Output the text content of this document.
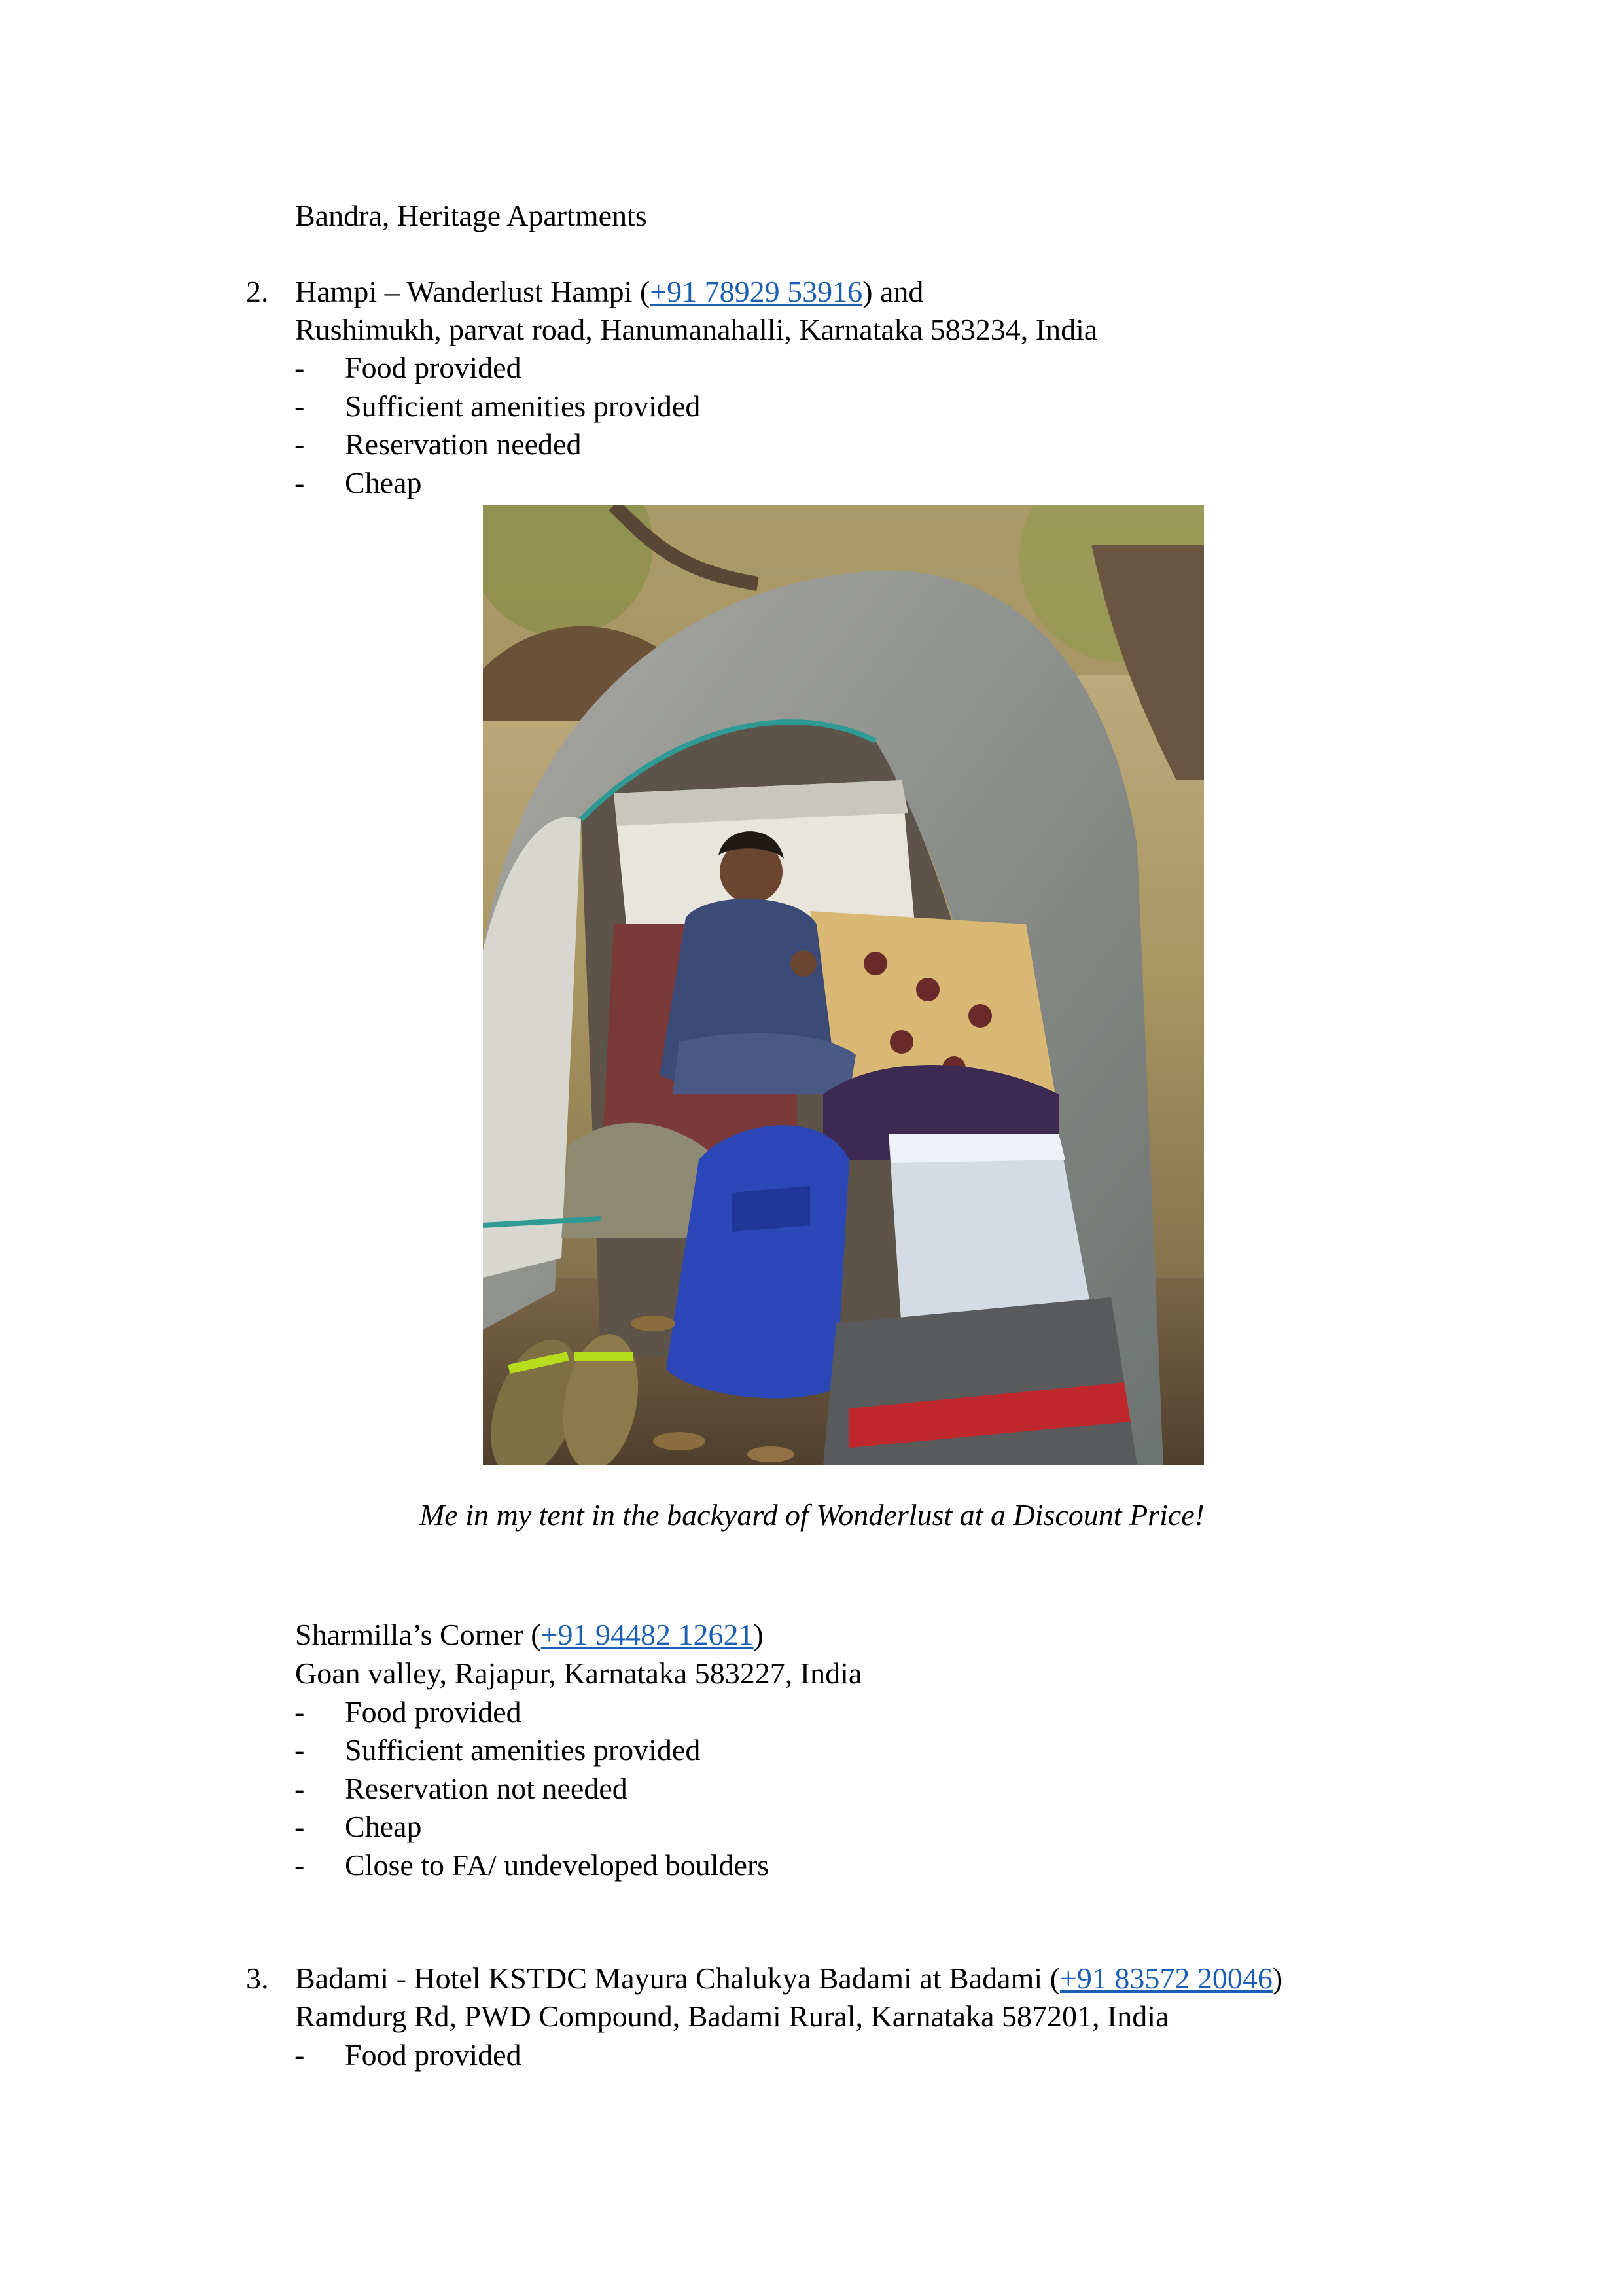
Bandra, Heritage Apartments
2. Hampi – Wanderlust Hampi (+91 78929 53916) and
Rushimukh, parvat road, Hanumanahalli, Karnataka 583234, India
- Food provided
- Sufficient amenities provided
- Reservation needed
- Cheap
Me in my tent in the backyard of Wonderlust at a Discount Price!
Sharmilla’s Corner (+91 94482 12621)
Goan valley, Rajapur, Karnataka 583227, India
- Food provided
- Sufficient amenities provided
- Reservation not needed
- Cheap
- Close to FA/ undeveloped boulders
3. Badami - Hotel KSTDC Mayura Chalukya Badami at Badami (+91 83572 20046)
Ramdurg Rd, PWD Compound, Badami Rural, Karnataka 587201, India
- Food provided
